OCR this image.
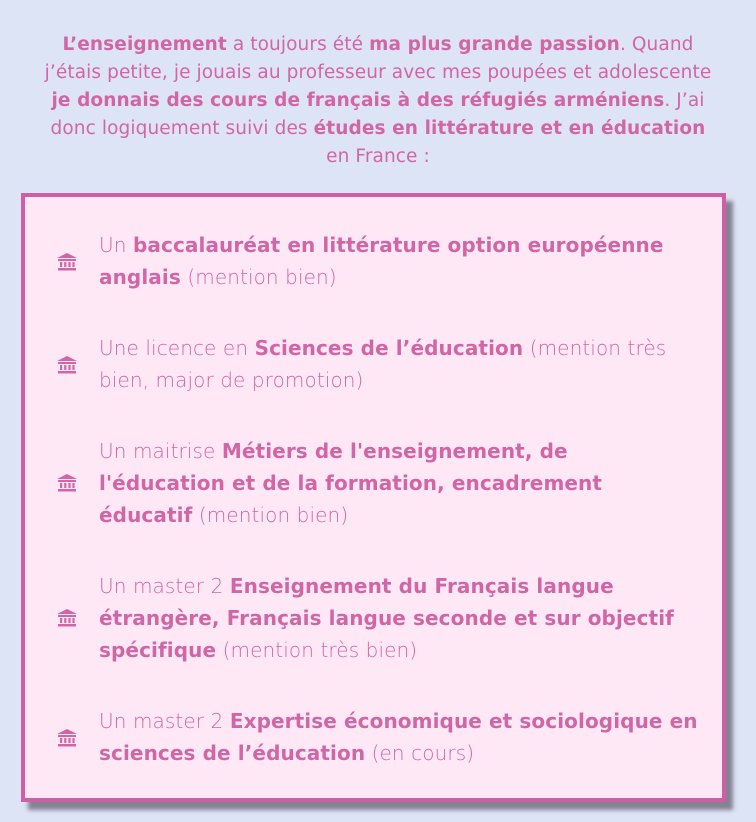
L’enseignement a toujours été ma plus grande passion. Quand j’étais petite, je jouais au professeur avec mes poupées et adolescente je donnais des cours de français à des réfugiés arméniens. J’ai donc logiquement suivi des études en littérature et en éducation en France :

Un baccalauréat en littérature option européenne anglais (mention bien)
Une licence en Sciences de l’éducation (mention très bien, major de promotion)
Un maitrise Métiers de l'enseignement, de l'éducation et de la formation, encadrement éducatif (mention bien)
Un master 2 Enseignement du Français langue étrangère, Français langue seconde et sur objectif spécifique (mention très bien)
Un master 2 Expertise économique et sociologique en sciences de l’éducation (en cours)
